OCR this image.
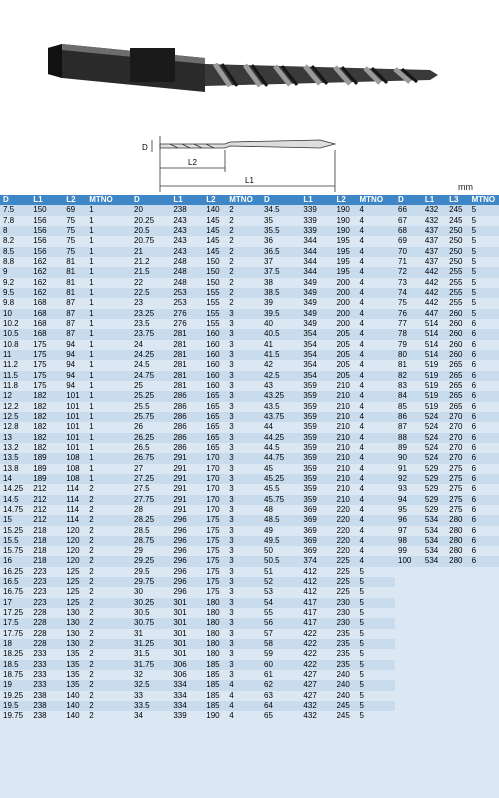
D
L2
L1
mm
D	L1	L2	MTNO
7.5	150	69	1
7.8	156	75	1
8	156	75	1
8.2	156	75	1
8.5	156	75	1
8.8	162	81	1
9	162	81	1
9.2	162	81	1
9.5	162	81	1
9.8	168	87	1
10	168	87	1
10.2	168	87	1
10.5	168	87	1
10.8	175	94	1
11	175	94	1
11.2	175	94	1
11.5	175	94	1
11.8	175	94	1
12	182	101	1
12.2	182	101	1
12.5	182	101	1
12.8	182	101	1
13	182	101	1
13.2	182	101	1
13.5	189	108	1
13.8	189	108	1
14	189	108	1
14.25	212	114	2
14.5	212	114	2
14.75	212	114	2
15	212	114	2
15.25	218	120	2
15.5	218	120	2
15.75	218	120	2
16	218	120	2
16.25	223	125	2
16.5	223	125	2
16.75	223	125	2
17	223	125	2
17.25	228	130	2
17.5	228	130	2
17.75	228	130	2
18	228	130	2
18.25	233	135	2
18.5	233	135	2
18.75	233	135	2
19	233	135	2
19.25	238	140	2
19.5	238	140	2
19.75	238	140	2
D	L1	L2	MTNO
20	238	140	2
20.25	243	145	2
20.5	243	145	2
20.75	243	145	2
21	243	145	2
21.2	248	150	2
21.5	248	150	2
22	248	150	2
22.5	253	155	2
23	253	155	2
23.25	276	155	3
23.5	276	155	3
23.75	281	160	3
24	281	160	3
24.25	281	160	3
24.5	281	160	3
24.75	281	160	3
25	281	160	3
25.25	286	165	3
25.5	286	165	3
25.75	286	165	3
26	286	165	3
26.25	286	165	3
26.5	286	165	3
26.75	291	170	3
27	291	170	3
27.25	291	170	3
27.5	291	170	3
27.75	291	170	3
28	291	170	3
28.25	296	175	3
28.5	296	175	3
28.75	296	175	3
29	296	175	3
29.25	296	175	3
29.5	296	175	3
29.75	296	175	3
30	296	175	3
30.25	301	180	3
30.5	301	180	3
30.75	301	180	3
31	301	180	3
31.25	301	180	3
31.5	301	180	3
31.75	306	185	3
32	306	185	3
32.5	334	185	4
33	334	185	4
33.5	334	185	4
34	339	190	4
D	L1	L2	MTNO
34.5	339	190	4
35	339	190	4
35.5	339	190	4
36	344	195	4
36.5	344	195	4
37	344	195	4
37.5	344	195	4
38	349	200	4
38.5	349	200	4
39	349	200	4
39.5	349	200	4
40	349	200	4
40.5	354	205	4
41	354	205	4
41.5	354	205	4
42	354	205	4
42.5	354	205	4
43	359	210	4
43.25	359	210	4
43.5	359	210	4
43.75	359	210	4
44	359	210	4
44.25	359	210	4
44.5	359	210	4
44.75	359	210	4
45	359	210	4
45.25	359	210	4
45.5	359	210	4
45.75	359	210	4
48	369	220	4
48.5	369	220	4
49	369	220	4
49.5	369	220	4
50	369	220	4
50.5	374	225	4
51	412	225	5
52	412	225	5
53	412	225	5
54	417	230	5
55	417	230	5
56	417	230	5
57	422	235	5
58	422	235	5
59	422	235	5
60	422	235	5
61	427	240	5
62	427	240	5
63	427	240	5
64	432	245	5
65	432	245	5
D	L1	L3	MTNO
66	432	245	5
67	432	245	5
68	437	250	5
69	437	250	5
70	437	250	5
71	437	250	5
72	442	255	5
73	442	255	5
74	442	255	5
75	442	255	5
76	447	260	5
77	514	260	6
78	514	260	6
79	514	260	6
80	514	260	6
81	519	265	6
82	519	265	6
83	519	265	6
84	519	265	6
85	519	265	6
86	524	270	6
87	524	270	6
88	524	270	6
89	524	270	6
90	524	270	6
91	529	275	6
92	529	275	6
93	529	275	6
94	529	275	6
95	529	275	6
96	534	280	6
97	534	280	6
98	534	280	6
99	534	280	6
100	534	280	6
